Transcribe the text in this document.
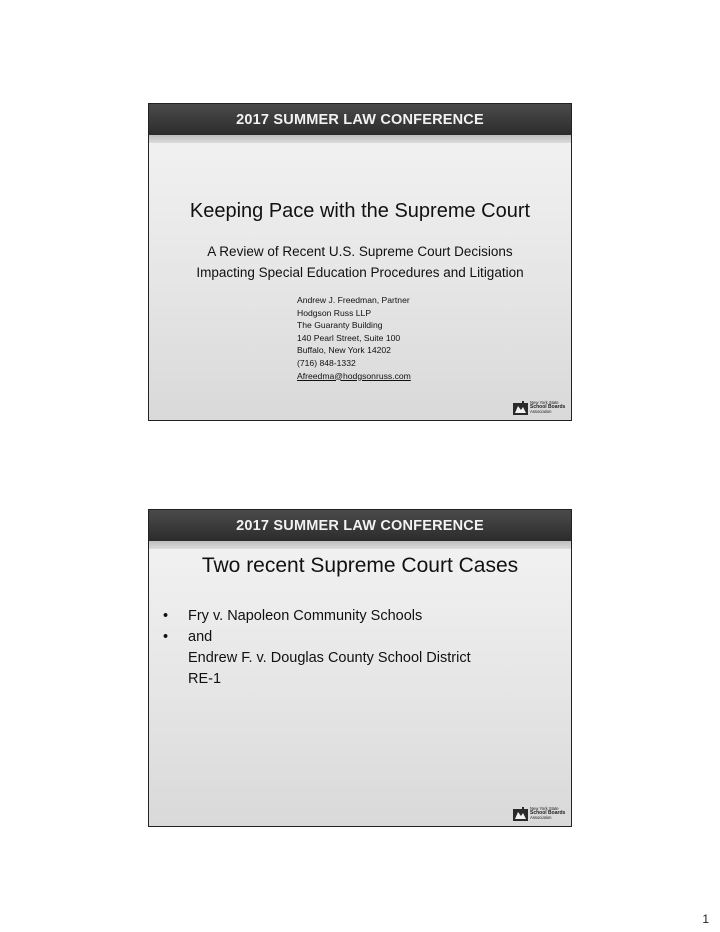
2017 SUMMER LAW CONFERENCE
Keeping Pace with the Supreme Court
A Review of Recent U.S. Supreme Court Decisions
Impacting Special Education Procedures and Litigation
Andrew J. Freedman, Partner
Hodgson Russ LLP
The Guaranty Building
140 Pearl Street, Suite 100
Buffalo, New York 14202
(716) 848-1332
Afreedma@hodgsonruss.com
New York State
School Boards
Association
2017 SUMMER LAW CONFERENCE
Two recent Supreme Court Cases
•	Fry v. Napoleon Community Schools
•	and
Endrew F. v. Douglas County School District
RE-1
New York State
School Boards
Association
1
